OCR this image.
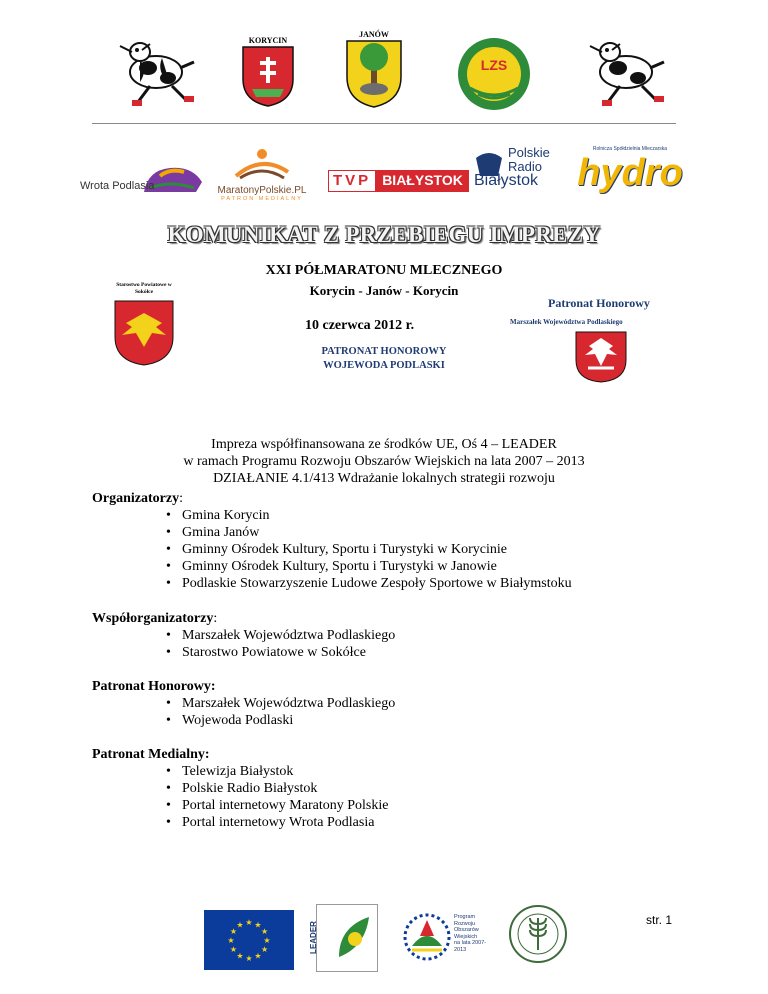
KORYCIN
JANÓW
LZS
Wrota Podlasia	MaratonyPolskie.PL
PATRON MEDIALNY
TVP BIAŁYSTOK
Polskie
Radio
Białystok
Rolnicza Spółdzielnia Mleczarska
hydro
KOMUNIKAT Z PRZEBIEGU IMPREZY
XXI PÓŁMARATONU MLECZNEGO
Korycin - Janów - Korycin
Starostwo Powiatowe w Sokółce
10 czerwca 2012 r.
Patronat Honorowy
Marszałek Województwa Podlaskiego
PATRONAT HONOROWY
WOJEWODA PODLASKI
Impreza współfinansowana ze środków UE, Oś 4 – LEADER
w ramach Programu Rozwoju Obszarów Wiejskich na lata 2007 – 2013
DZIAŁANIE 4.1/413 Wdrażanie lokalnych strategii rozwoju
Organizatorzy:
• Gmina Korycin
• Gmina Janów
• Gminny Ośrodek Kultury, Sportu i Turystyki w Korycinie
• Gminny Ośrodek Kultury, Sportu i Turystyki w Janowie
• Podlaskie Stowarzyszenie Ludowe Zespoły Sportowe w Białymstoku
Współorganizatorzy:
• Marszałek Województwa Podlaskiego
• Starostwo Powiatowe w Sokółce
Patronat Honorowy:
• Marszałek Województwa Podlaskiego
• Wojewoda Podlaski
Patronat Medialny:
• Telewizja Białystok
• Polskie Radio Białystok
• Portal internetowy Maratony Polskie
• Portal internetowy Wrota Podlasia
str. 1
★ ★
★
★
★
★
★
★
★
★
★
★	LEADER
Program
Rozwoju
Obszarów
Wiejskich
na lata 2007-2013
